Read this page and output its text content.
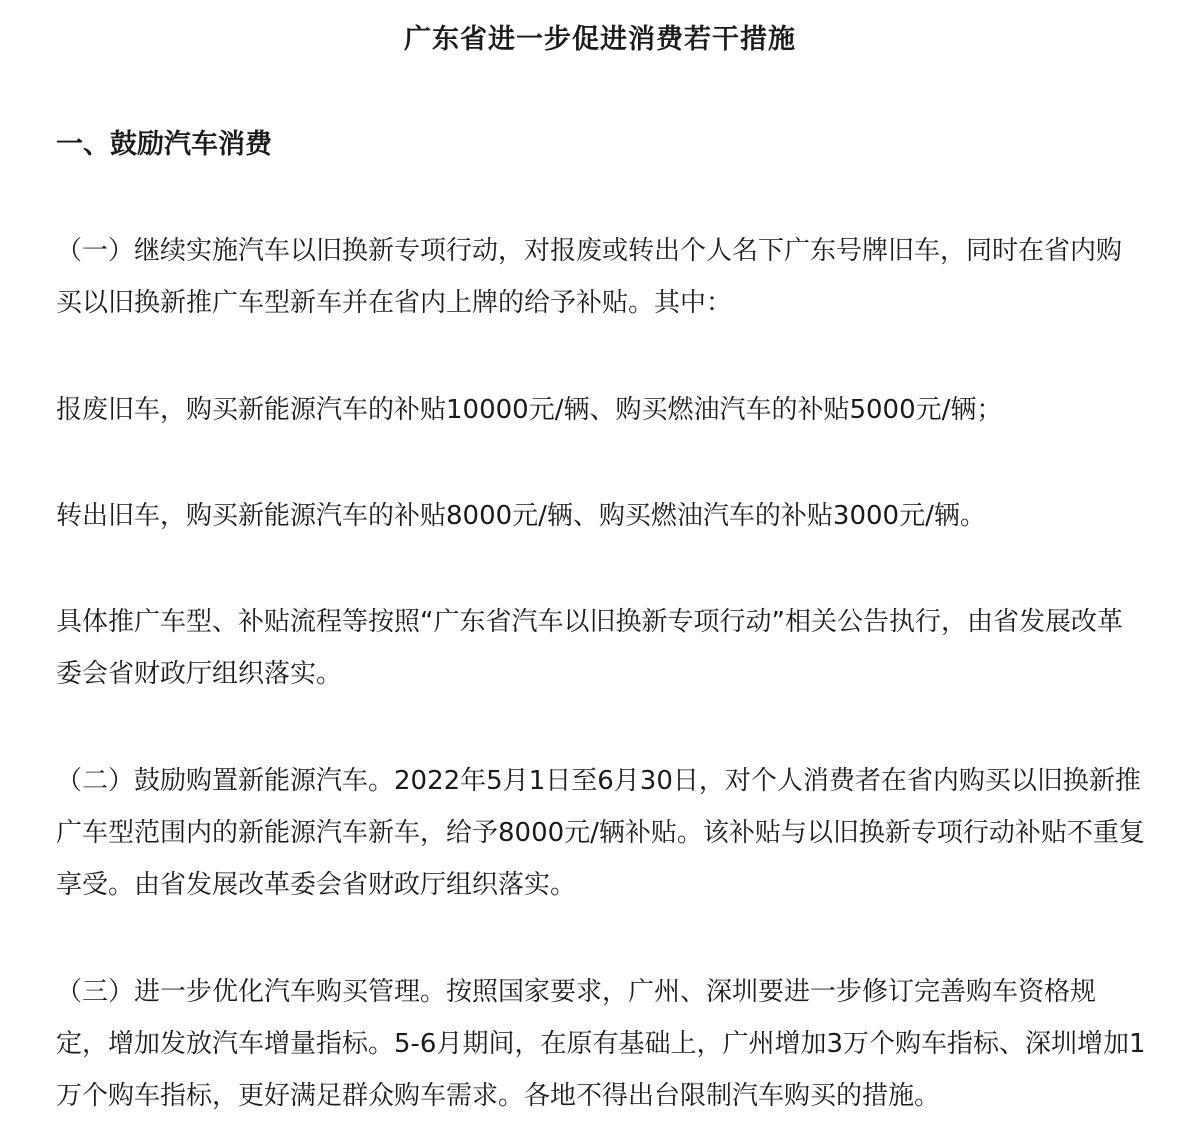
广东省进一步促进消费若干措施
一、鼓励汽车消费

（一）继续实施汽车以旧换新专项行动，对报废或转出个人名下广东号牌旧车，同时在省内购买以旧换新推广车型新车并在省内上牌的给予补贴。其中：

报废旧车，购买新能源汽车的补贴10000元/辆、购买燃油汽车的补贴5000元/辆；

转出旧车，购买新能源汽车的补贴8000元/辆、购买燃油汽车的补贴3000元/辆。

具体推广车型、补贴流程等按照“广东省汽车以旧换新专项行动”相关公告执行，由省发展改革委会省财政厅组织落实。

（二）鼓励购置新能源汽车。2022年5月1日至6月30日，对个人消费者在省内购买以旧换新推广车型范围内的新能源汽车新车，给予8000元/辆补贴。该补贴与以旧换新专项行动补贴不重复享受。由省发展改革委会省财政厅组织落实。

（三）进一步优化汽车购买管理。按照国家要求，广州、深圳要进一步修订完善购车资格规定，增加发放汽车增量指标。5-6月期间，在原有基础上，广州增加3万个购车指标、深圳增加1万个购车指标，更好满足群众购车需求。各地不得出台限制汽车购买的措施。
